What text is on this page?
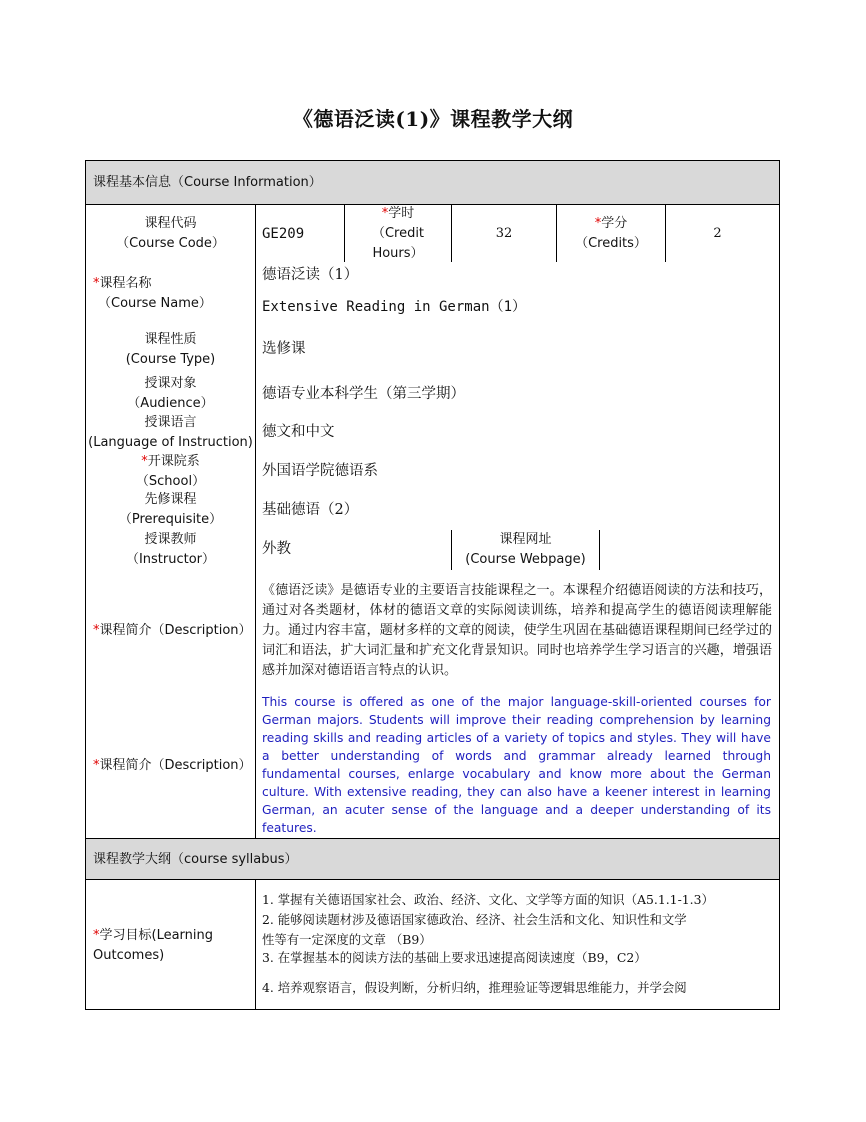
《德语泛读(1)》课程教学大纲
课程基本信息（Course Information）
课程代码
（Course Code）
GE209
*学时
（Credit
Hours）
32
*学分
（Credits）
2
*课程名称
（Course Name）
德语泛读（1）
Extensive Reading in German（1）
课程性质
(Course Type)
选修课
授课对象
（Audience）
德语专业本科学生（第三学期）
授课语言
(Language of Instruction)
德文和中文
*开课院系
（School）
外国语学院德语系
先修课程
（Prerequisite）
基础德语（2）
授课教师
（Instructor）
外教
课程网址
(Course Webpage)
*课程简介（Description）
《德语泛读》是德语专业的主要语言技能课程之一。本课程介绍德语阅读的方法和技巧，通过对各类题材，体材的德语文章的实际阅读训练，培养和提高学生的德语阅读理解能力。通过内容丰富，题材多样的文章的阅读，使学生巩固在基础德语课程期间已经学过的词汇和语法，扩大词汇量和扩充文化背景知识。同时也培养学生学习语言的兴趣，增强语感并加深对德语语言特点的认识。
*课程简介（Description）
This course is offered as one of the major language-skill-oriented courses for German majors. Students will improve their reading comprehension by learning reading skills and reading articles of a variety of topics and styles. They will have a better understanding of words and grammar already learned through fundamental courses, enlarge vocabulary and know more about the German culture. With extensive reading, they can also have a keener interest in learning German, an acuter sense of the language and a deeper understanding of its features.
课程教学大纲（course syllabus）
*学习目标(Learning
Outcomes)
1. 掌握有关德语国家社会、政治、经济、文化、文学等方面的知识（A5.1.1-1.3）
2. 能够阅读题材涉及德语国家德政治、经济、社会生活和文化、知识性和文学
性等有一定深度的文章 （B9）
3. 在掌握基本的阅读方法的基础上要求迅速提高阅读速度（B9，C2）
4. 培养观察语言，假设判断，分析归纳，推理验证等逻辑思维能力，并学会阅
